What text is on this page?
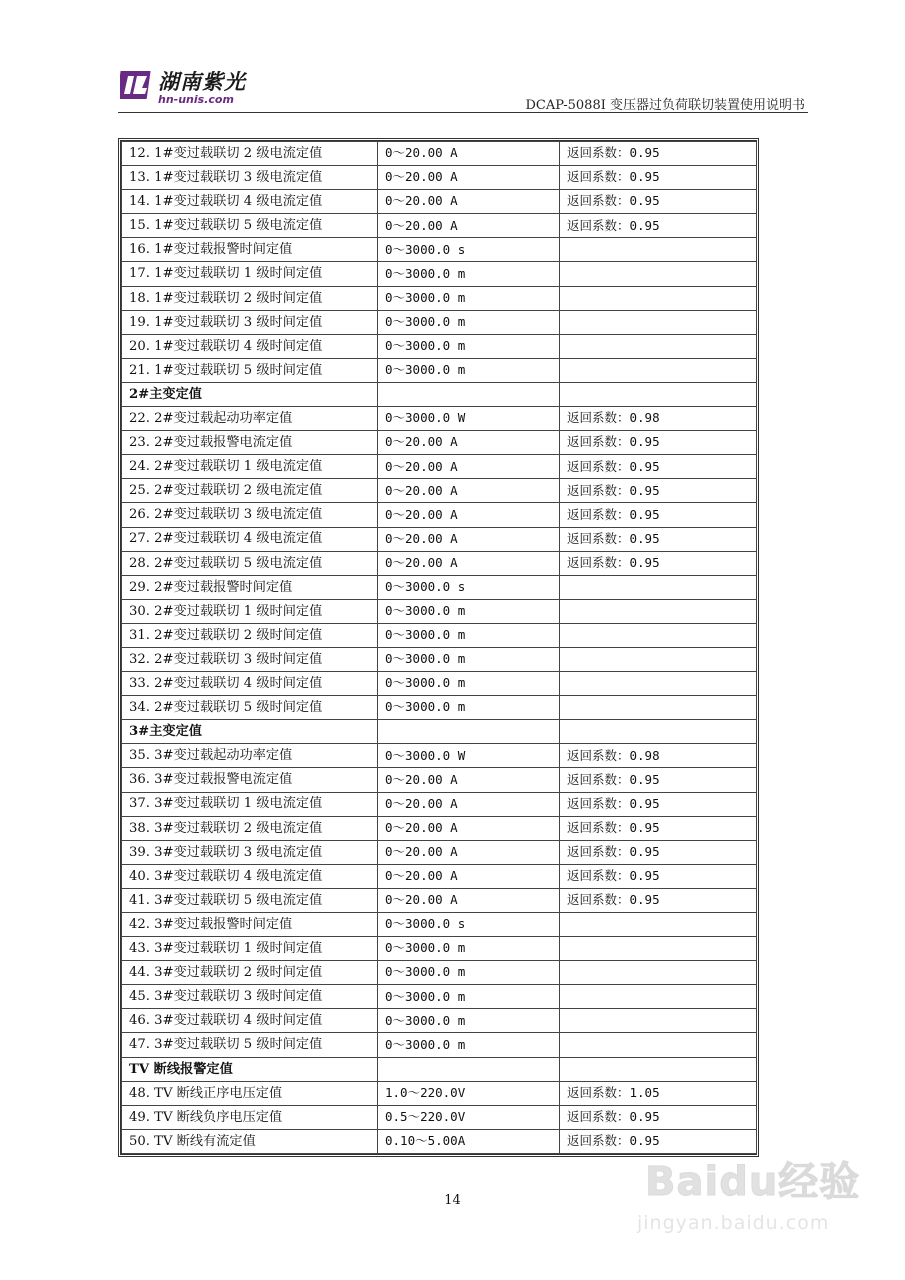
湖南紫光
hn-unis.com	DCAP-5088I 变压器过负荷联切装置使用说明书
12. 1#变过载联切 2 级电流定值	0～20.00 A	返回系数：0.95
13. 1#变过载联切 3 级电流定值	0～20.00 A	返回系数：0.95
14. 1#变过载联切 4 级电流定值	0～20.00 A	返回系数：0.95
15. 1#变过载联切 5 级电流定值	0～20.00 A	返回系数：0.95
16. 1#变过载报警时间定值	0～3000.0 s	
17. 1#变过载联切 1 级时间定值	0～3000.0 m	
18. 1#变过载联切 2 级时间定值	0～3000.0 m	
19. 1#变过载联切 3 级时间定值	0～3000.0 m	
20. 1#变过载联切 4 级时间定值	0～3000.0 m	
21. 1#变过载联切 5 级时间定值	0～3000.0 m	
2#主变定值		
22. 2#变过载起动功率定值	0～3000.0 W	返回系数：0.98
23. 2#变过载报警电流定值	0～20.00 A	返回系数：0.95
24. 2#变过载联切 1 级电流定值	0～20.00 A	返回系数：0.95
25. 2#变过载联切 2 级电流定值	0～20.00 A	返回系数：0.95
26. 2#变过载联切 3 级电流定值	0～20.00 A	返回系数：0.95
27. 2#变过载联切 4 级电流定值	0～20.00 A	返回系数：0.95
28. 2#变过载联切 5 级电流定值	0～20.00 A	返回系数：0.95
29. 2#变过载报警时间定值	0～3000.0 s	
30. 2#变过载联切 1 级时间定值	0～3000.0 m	
31. 2#变过载联切 2 级时间定值	0～3000.0 m	
32. 2#变过载联切 3 级时间定值	0～3000.0 m	
33. 2#变过载联切 4 级时间定值	0～3000.0 m	
34. 2#变过载联切 5 级时间定值	0～3000.0 m	
3#主变定值		
35. 3#变过载起动功率定值	0～3000.0 W	返回系数：0.98
36. 3#变过载报警电流定值	0～20.00 A	返回系数：0.95
37. 3#变过载联切 1 级电流定值	0～20.00 A	返回系数：0.95
38. 3#变过载联切 2 级电流定值	0～20.00 A	返回系数：0.95
39. 3#变过载联切 3 级电流定值	0～20.00 A	返回系数：0.95
40. 3#变过载联切 4 级电流定值	0～20.00 A	返回系数：0.95
41. 3#变过载联切 5 级电流定值	0～20.00 A	返回系数：0.95
42. 3#变过载报警时间定值	0～3000.0 s	
43. 3#变过载联切 1 级时间定值	0～3000.0 m	
44. 3#变过载联切 2 级时间定值	0～3000.0 m	
45. 3#变过载联切 3 级时间定值	0～3000.0 m	
46. 3#变过载联切 4 级时间定值	0～3000.0 m	
47. 3#变过载联切 5 级时间定值	0～3000.0 m	
TV 断线报警定值		
48. TV 断线正序电压定值	1.0～220.0V	返回系数：1.05
49. TV 断线负序电压定值	0.5～220.0V	返回系数：0.95
50. TV 断线有流定值	0.10～5.00A	返回系数：0.95
14	Baidu经验
jingyan.baidu.com
